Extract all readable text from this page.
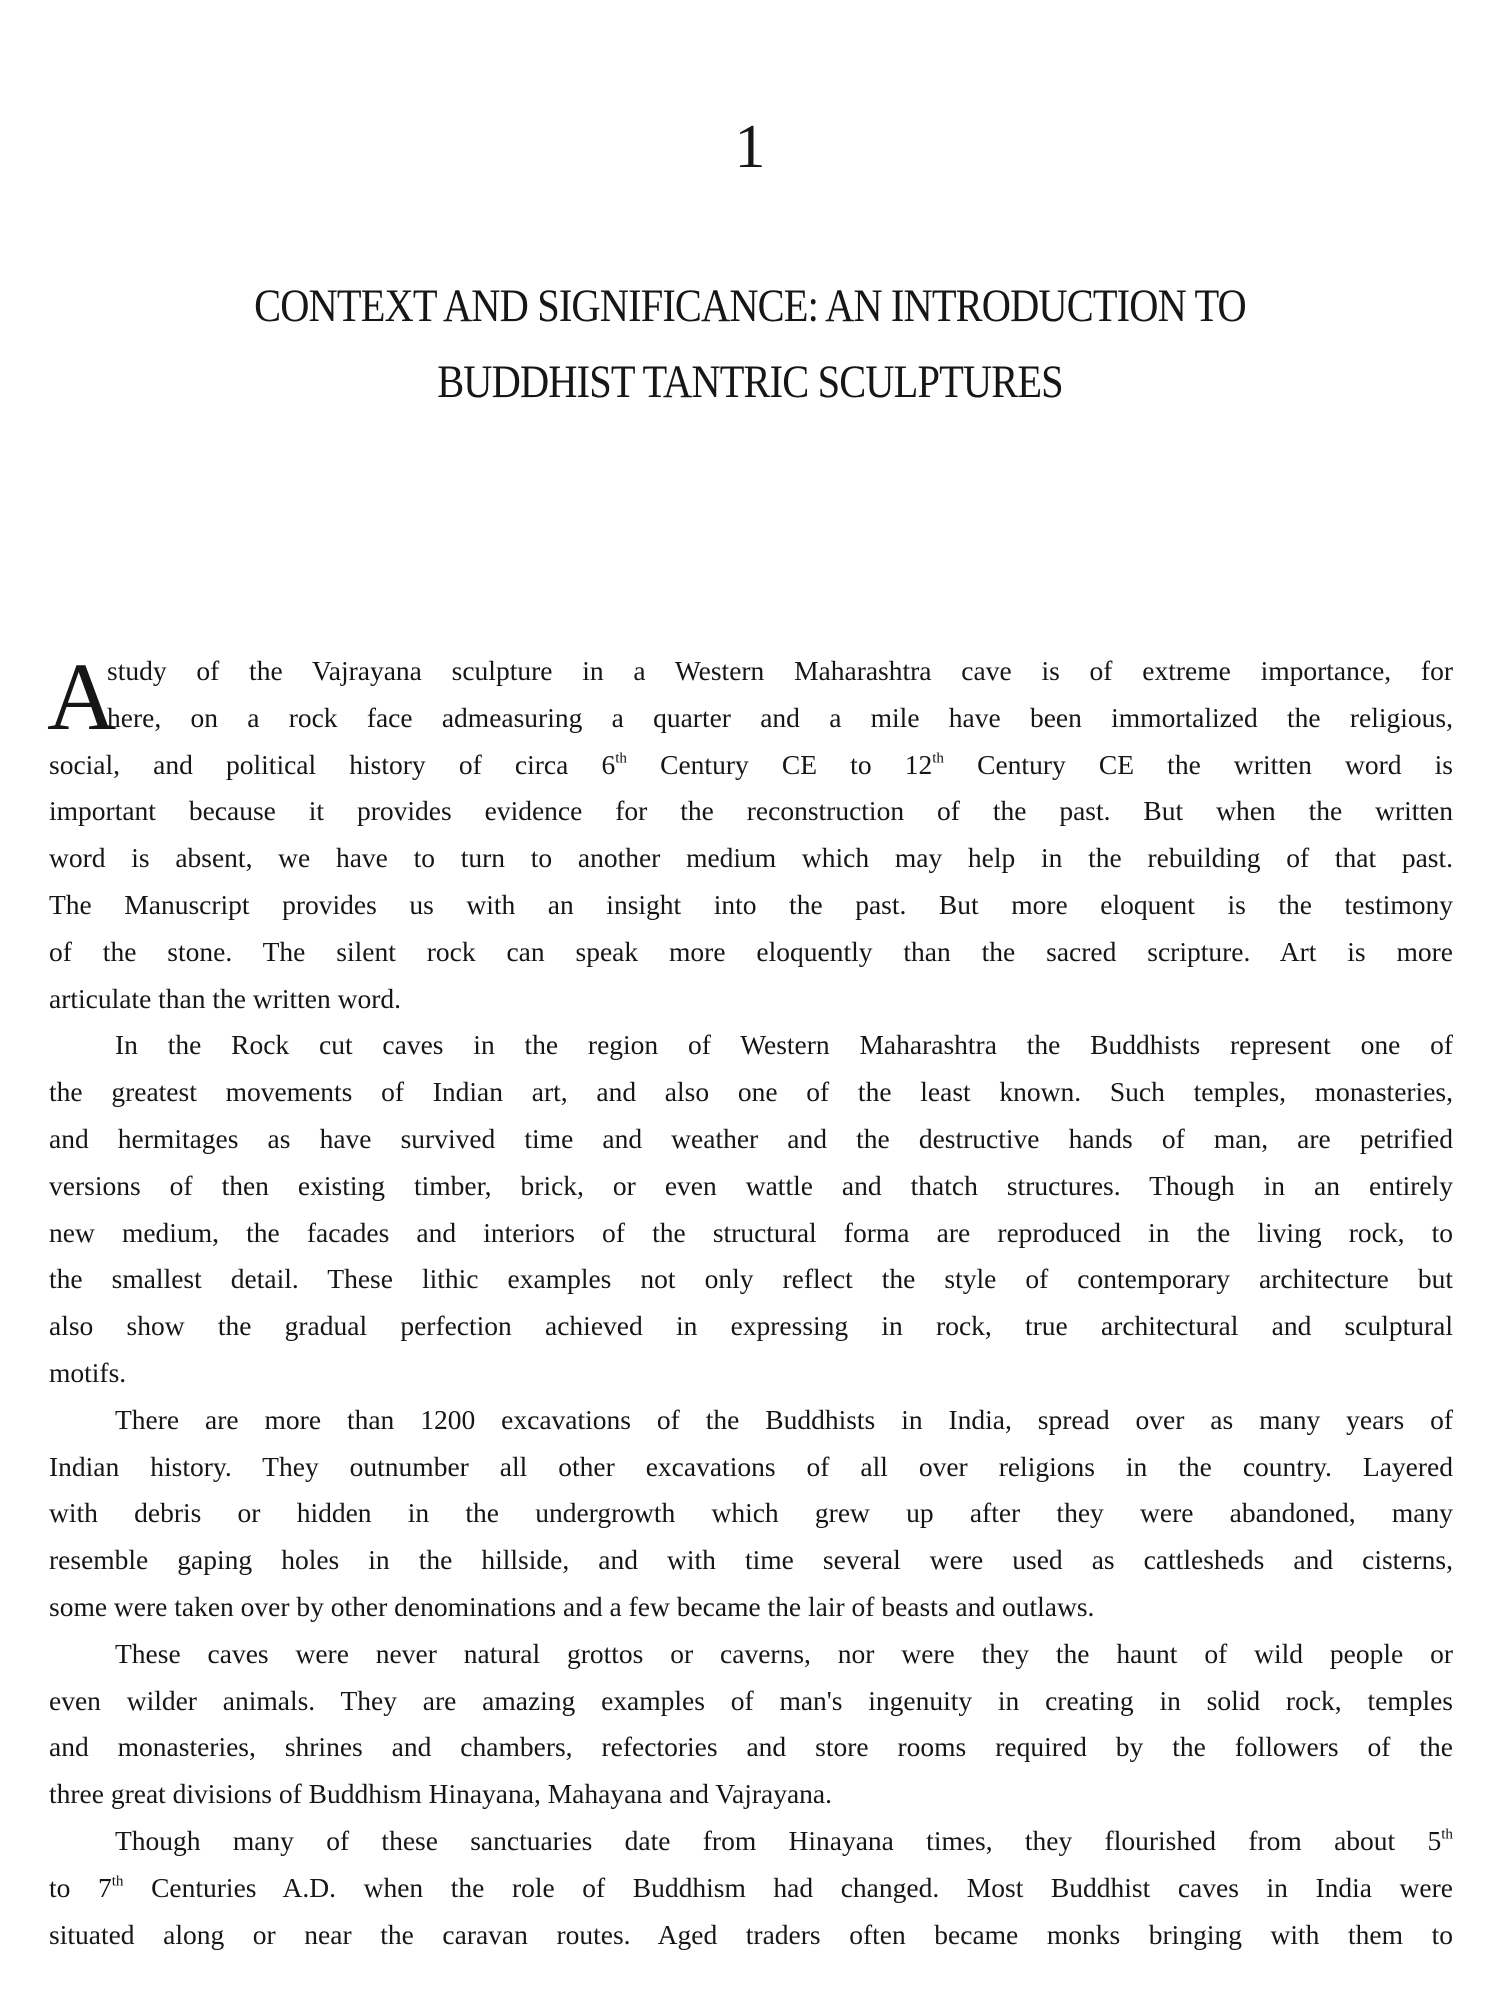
1
CONTEXT AND SIGNIFICANCE: AN INTRODUCTION TO
BUDDHIST TANTRIC SCULPTURES
A
study of the Vajrayana sculpture in a Western Maharashtra cave is of extreme importance, for
here, on a rock face admeasuring a quarter and a mile have been immortalized the religious,
social, and political history of circa 6th Century CE to 12th Century CE the written word is
important because it provides evidence for the reconstruction of the past. But when the written
word is absent, we have to turn to another medium which may help in the rebuilding of that past.
The Manuscript provides us with an insight into the past. But more eloquent is the testimony
of the stone. The silent rock can speak more eloquently than the sacred scripture. Art is more
articulate than the written word.
In the Rock cut caves in the region of Western Maharashtra the Buddhists represent one of
the greatest movements of Indian art, and also one of the least known. Such temples, monasteries,
and hermitages as have survived time and weather and the destructive hands of man, are petrified
versions of then existing timber, brick, or even wattle and thatch structures. Though in an entirely
new medium, the facades and interiors of the structural forma are reproduced in the living rock, to
the smallest detail. These lithic examples not only reflect the style of contemporary architecture but
also show the gradual perfection achieved in expressing in rock, true architectural and sculptural
motifs.
There are more than 1200 excavations of the Buddhists in India, spread over as many years of
Indian history. They outnumber all other excavations of all over religions in the country. Layered
with debris or hidden in the undergrowth which grew up after they were abandoned, many
resemble gaping holes in the hillside, and with time several were used as cattlesheds and cisterns,
some were taken over by other denominations and a few became the lair of beasts and outlaws.
These caves were never natural grottos or caverns, nor were they the haunt of wild people or
even wilder animals. They are amazing examples of man's ingenuity in creating in solid rock, temples
and monasteries, shrines and chambers, refectories and store rooms required by the followers of the
three great divisions of Buddhism Hinayana, Mahayana and Vajrayana.
Though many of these sanctuaries date from Hinayana times, they flourished from about 5th
to 7th Centuries A.D. when the role of Buddhism had changed. Most Buddhist caves in India were
situated along or near the caravan routes. Aged traders often became monks bringing with them to
